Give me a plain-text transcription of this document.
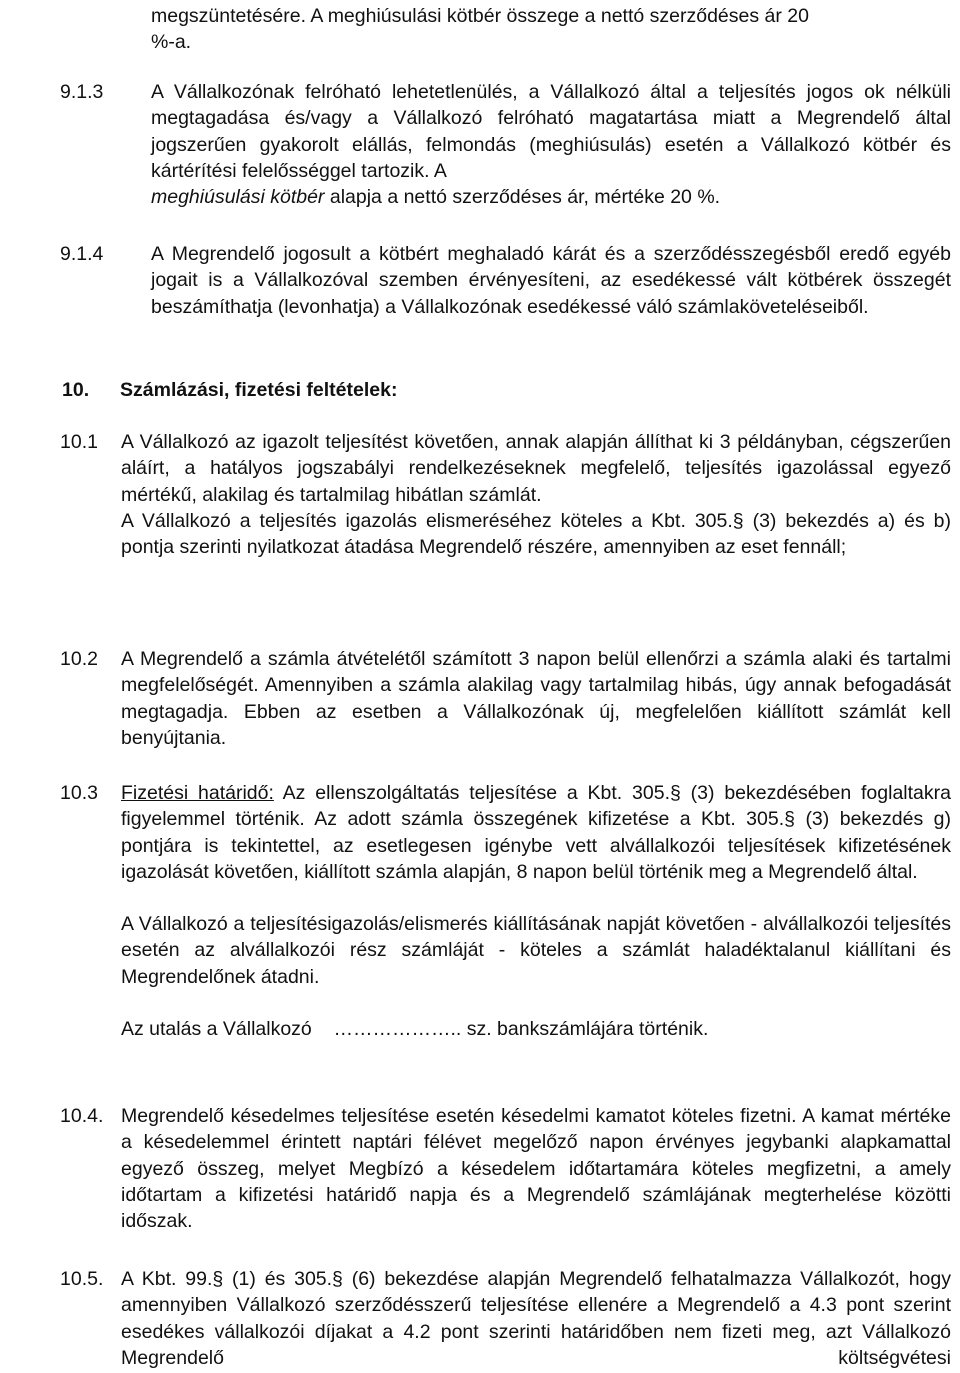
megszüntetésére. A meghiúsulási kötbér összege a nettó szerződéses ár 20
%-a.
9.1.3 A Vállalkozónak felróható lehetetlenülés, a Vállalkozó által a teljesítés jogos ok nélküli megtagadása és/vagy a Vállalkozó felróható magatartása miatt a Megrendelő által jogszerűen gyakorolt elállás, felmondás (meghiúsulás) esetén a Vállalkozó kötbér és kártérítési felelősséggel tartozik. A
meghiúsulási kötbér alapja a nettó szerződéses ár, mértéke 20 %.

9.1.4 A Megrendelő jogosult a kötbért meghaladó kárát és a szerződésszegésből eredő egyéb jogait is a Vállalkozóval szemben érvényesíteni, az esedékessé vált kötbérek összegét beszámíthatja (levonhatja) a Vállalkozónak esedékessé váló számlaköveteléseiből.

10. Számlázási, fizetési feltételek:
10.1 A Vállalkozó az igazolt teljesítést követően, annak alapján állíthat ki 3 példányban, cégszerűen aláírt, a hatályos jogszabályi rendelkezéseknek megfelelő, teljesítés igazolással egyező mértékű, alakilag és tartalmilag hibátlan számlát.

A Vállalkozó a teljesítés igazolás elismeréséhez köteles a Kbt. 305.§ (3) bekezdés a) és b) pontja szerinti nyilatkozat átadása Megrendelő részére, amennyiben az eset fennáll;

10.2 A Megrendelő a számla átvételétől számított 3 napon belül ellenőrzi a számla alaki és tartalmi megfelelőségét. Amennyiben a számla alakilag vagy tartalmilag hibás, úgy annak befogadását megtagadja. Ebben az esetben a Vállalkozónak új, megfelelően kiállított számlát kell benyújtania.

10.3 Fizetési határidő: Az ellenszolgáltatás teljesítése a Kbt. 305.§ (3) bekezdésében foglaltakra figyelemmel történik. Az adott számla összegének kifizetése a Kbt. 305.§ (3) bekezdés g) pontjára is tekintettel, az esetlegesen igénybe vett alvállalkozói teljesítések kifizetésének igazolását követően, kiállított számla alapján, 8 napon belül történik meg a Megrendelő által.

A Vállalkozó a teljesítésigazolás/elismerés kiállításának napját követően - alvállalkozói teljesítés esetén az alvállalkozói rész számláját - köteles a számlát haladéktalanul kiállítani és Megrendelőnek átadni.

Az utalás a Vállalkozó    ……………….. sz. bankszámlájára történik.

10.4. Megrendelő késedelmes teljesítése esetén késedelmi kamatot köteles fizetni. A kamat mértéke a késedelemmel érintett naptári félévet megelőző napon érvényes jegybanki alapkamattal egyező összeg, melyet Megbízó a késedelem időtartamára köteles megfizetni, a amely időtartam a kifizetési határidő napja és a Megrendelő számlájának megterhelése közötti időszak.

10.5. A Kbt. 99.§ (1) és 305.§ (6) bekezdése alapján Megrendelő felhatalmazza Vállalkozót, hogy amennyiben Vállalkozó szerződésszerű teljesítése ellenére a Megrendelő a 4.3 pont szerint esedékes vállalkozói díjakat a 4.2 pont szerinti határidőben nem fizeti meg, azt Vállalkozó Megrendelő költségvétesi
